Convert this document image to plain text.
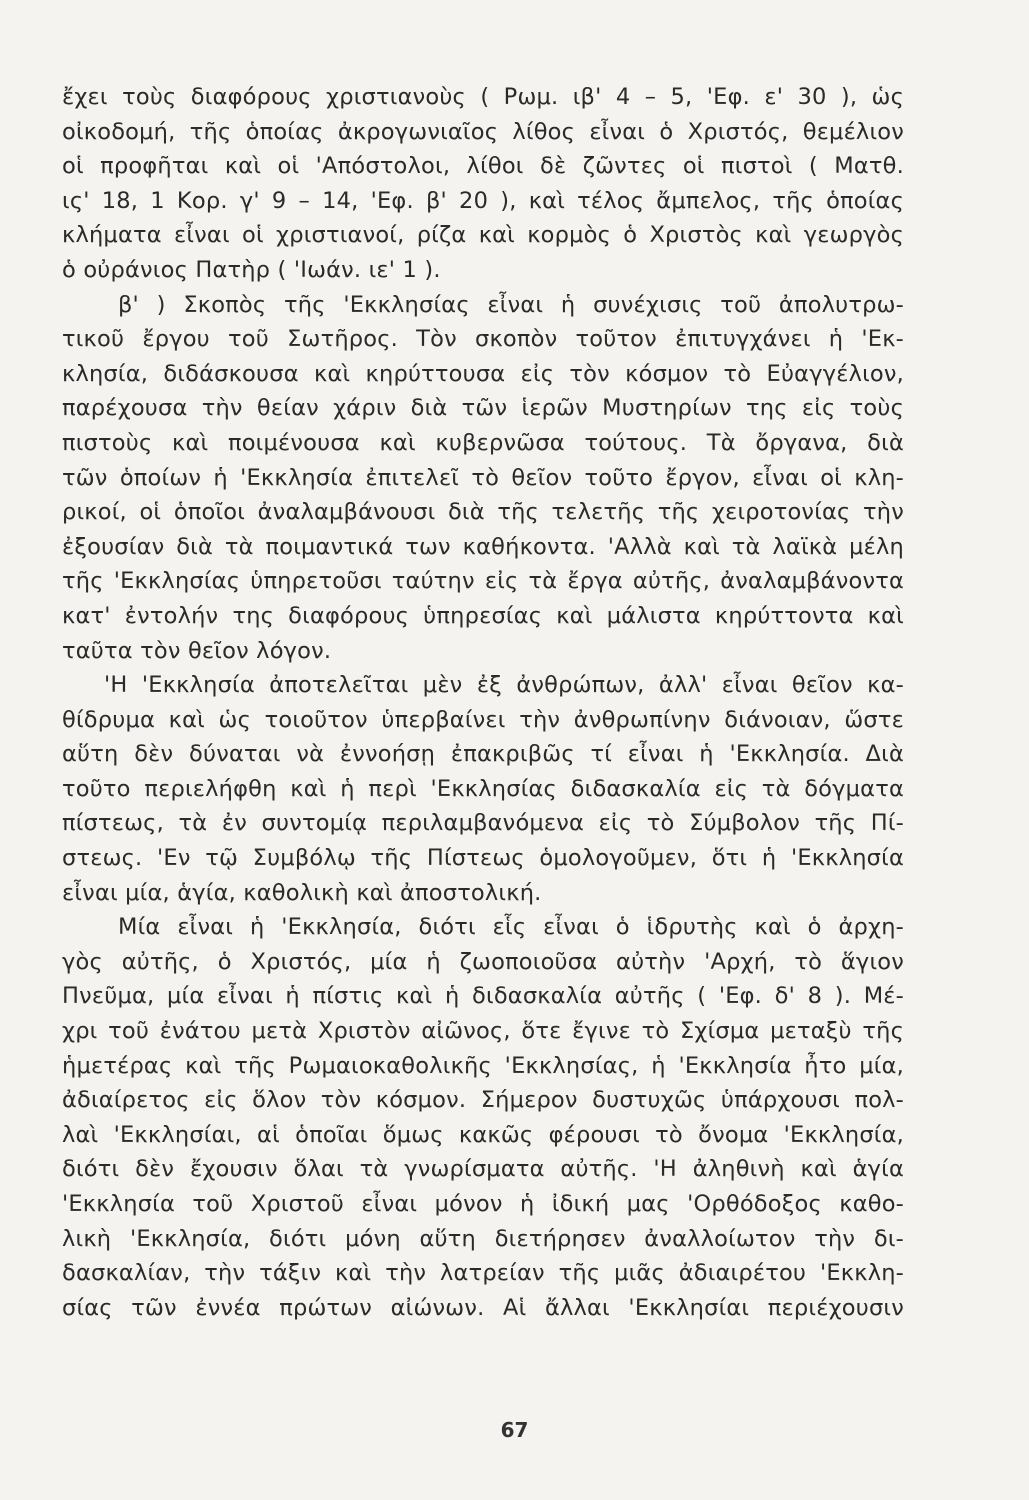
ἔχει τοὺς διαφόρους χριστιανοὺς ( Ρωμ. ιβ' 4 – 5, 'Εφ. ε' 30 ), ὡς
οἰκοδομή, τῆς ὁποίας ἀκρογωνιαῖος λίθος εἶναι ὁ Χριστός, θεμέλιον
οἱ προφῆται καὶ οἱ 'Απόστολοι, λίθοι δὲ ζῶντες οἱ πιστοὶ ( Ματθ.
ις' 18, 1 Κορ. γ' 9 – 14, 'Εφ. β' 20 ), καὶ τέλος ἄμπελος, τῆς ὁποίας
κλήματα εἶναι οἱ χριστιανοί, ρίζα καὶ κορμὸς ὁ Χριστὸς καὶ γεωργὸς
ὁ οὐράνιος Πατὴρ ( 'Ιωάν. ιε' 1 ).
β' ) Σκοπὸς τῆς 'Εκκλησίας εἶναι ἡ συνέχισις τοῦ ἀπολυτρω-
τικοῦ ἔργου τοῦ Σωτῆρος. Τὸν σκοπὸν τοῦτον ἐπιτυγχάνει ἡ 'Εκ-
κλησία, διδάσκουσα καὶ κηρύττουσα εἰς τὸν κόσμον τὸ Εὐαγγέλιον,
παρέχουσα τὴν θείαν χάριν διὰ τῶν ἱερῶν Μυστηρίων της εἰς τοὺς
πιστοὺς καὶ ποιμένουσα καὶ κυβερνῶσα τούτους. Τὰ ὄργανα, διὰ
τῶν ὁποίων ἡ 'Εκκλησία ἐπιτελεῖ τὸ θεῖον τοῦτο ἔργον, εἶναι οἱ κλη-
ρικοί, οἱ ὁποῖοι ἀναλαμβάνουσι διὰ τῆς τελετῆς τῆς χειροτονίας τὴν
ἐξουσίαν διὰ τὰ ποιμαντικά των καθήκοντα. 'Αλλὰ καὶ τὰ λαϊκὰ μέλη
τῆς 'Εκκλησίας ὑπηρετοῦσι ταύτην εἰς τὰ ἔργα αὐτῆς, ἀναλαμβάνοντα
κατ' ἐντολήν της διαφόρους ὑπηρεσίας καὶ μάλιστα κηρύττοντα καὶ
ταῦτα τὸν θεῖον λόγον.
'Η 'Εκκλησία ἀποτελεῖται μὲν ἐξ ἀνθρώπων, ἀλλ' εἶναι θεῖον κα-
θίδρυμα καὶ ὡς τοιοῦτον ὑπερβαίνει τὴν ἀνθρωπίνην διάνοιαν, ὥστε
αὕτη δὲν δύναται νὰ ἐννοήσῃ ἐπακριβῶς τί εἶναι ἡ 'Εκκλησία. Διὰ
τοῦτο περιελήφθη καὶ ἡ περὶ 'Εκκλησίας διδασκαλία εἰς τὰ δόγματα
πίστεως, τὰ ἐν συντομίᾳ περιλαμβανόμενα εἰς τὸ Σύμβολον τῆς Πί-
στεως. 'Εν τῷ Συμβόλῳ τῆς Πίστεως ὁμολογοῦμεν, ὅτι ἡ 'Εκκλησία
εἶναι μία, ἁγία, καθολικὴ καὶ ἀποστολική.
Μία εἶναι ἡ 'Εκκλησία, διότι εἷς εἶναι ὁ ἱδρυτὴς καὶ ὁ ἀρχη-
γὸς αὐτῆς, ὁ Χριστός, μία ἡ ζωοποιοῦσα αὐτὴν 'Αρχή, τὸ ἅγιον
Πνεῦμα, μία εἶναι ἡ πίστις καὶ ἡ διδασκαλία αὐτῆς ( 'Εφ. δ' 8 ). Μέ-
χρι τοῦ ἐνάτου μετὰ Χριστὸν αἰῶνος, ὅτε ἔγινε τὸ Σχίσμα μεταξὺ τῆς
ἡμετέρας καὶ τῆς Ρωμαιοκαθολικῆς 'Εκκλησίας, ἡ 'Εκκλησία ἦτο μία,
ἀδιαίρετος εἰς ὅλον τὸν κόσμον. Σήμερον δυστυχῶς ὑπάρχουσι πολ-
λαὶ 'Εκκλησίαι, αἱ ὁποῖαι ὅμως κακῶς φέρουσι τὸ ὄνομα 'Εκκλησία,
διότι δὲν ἔχουσιν ὅλαι τὰ γνωρίσματα αὐτῆς. 'Η ἀληθινὴ καὶ ἁγία
'Εκκλησία τοῦ Χριστοῦ εἶναι μόνον ἡ ἰδική μας 'Ορθόδοξος καθο-
λικὴ 'Εκκλησία, διότι μόνη αὕτη διετήρησεν ἀναλλοίωτον τὴν δι-
δασκαλίαν, τὴν τάξιν καὶ τὴν λατρείαν τῆς μιᾶς ἀδιαιρέτου 'Εκκλη-
σίας τῶν ἐννέα πρώτων αἰώνων. Αἱ ἄλλαι 'Εκκλησίαι περιέχουσιν
67
